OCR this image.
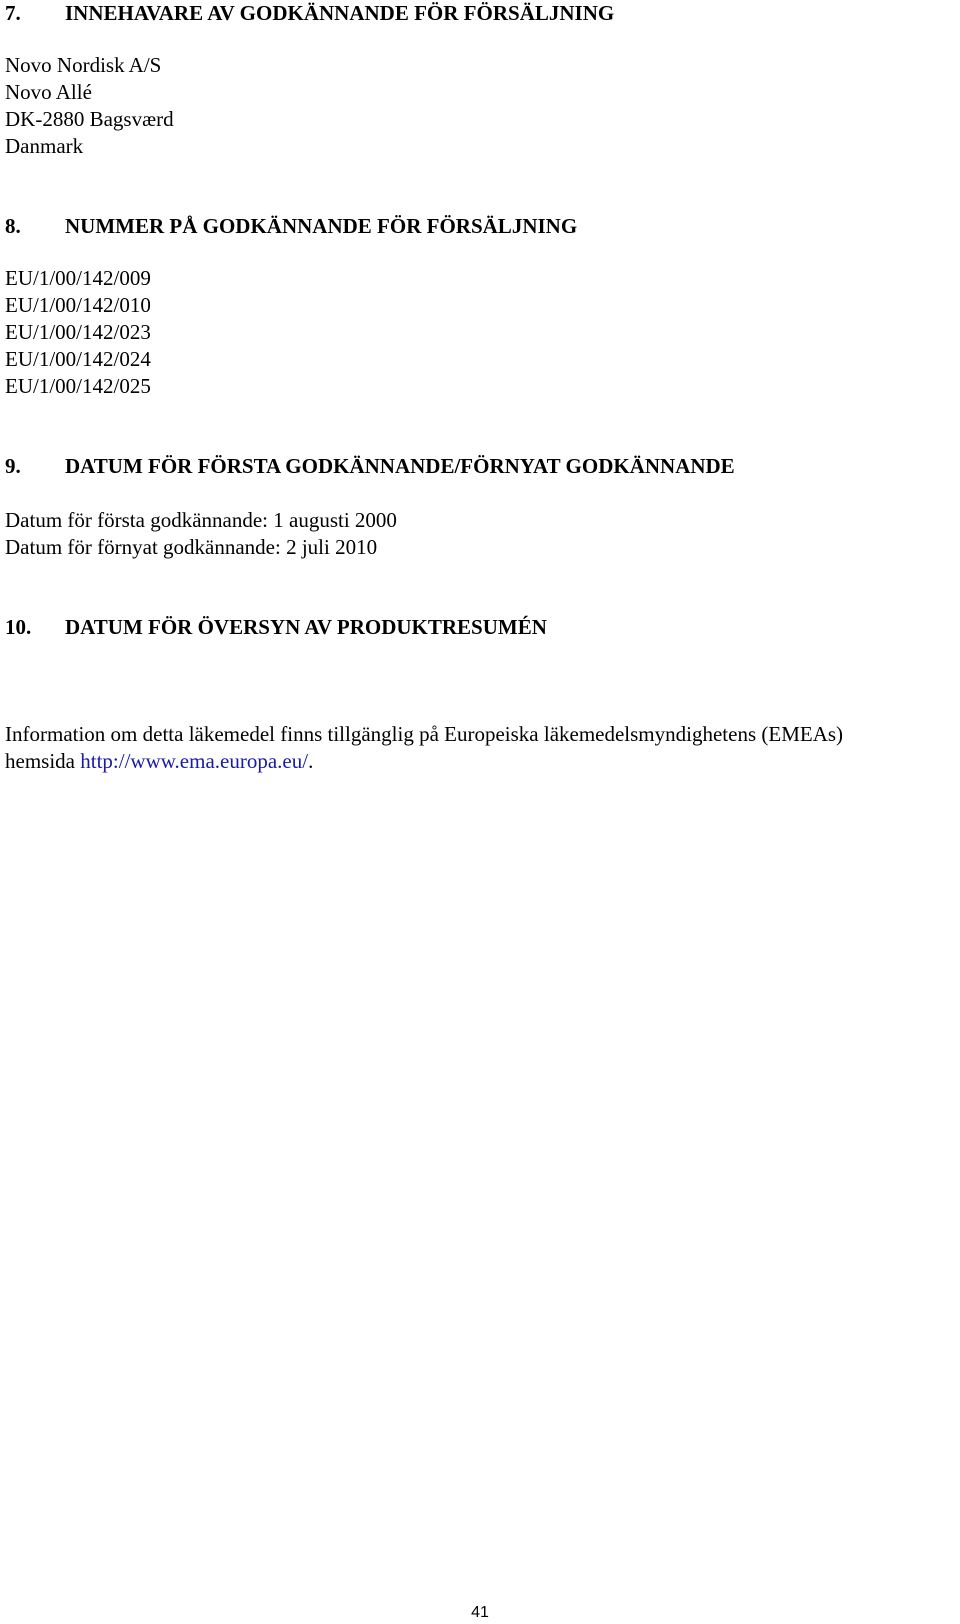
7. INNEHAVARE AV GODKÄNNANDE FÖR FÖRSÄLJNING
Novo Nordisk A/S
Novo Allé
DK-2880 Bagsværd
Danmark
8. NUMMER PÅ GODKÄNNANDE FÖR FÖRSÄLJNING
EU/1/00/142/009
EU/1/00/142/010
EU/1/00/142/023
EU/1/00/142/024
EU/1/00/142/025
9. DATUM FÖR FÖRSTA GODKÄNNANDE/FÖRNYAT GODKÄNNANDE
Datum för första godkännande: 1 augusti 2000
Datum för förnyat godkännande: 2 juli 2010
10. DATUM FÖR ÖVERSYN AV PRODUKTRESUMÉN
Information om detta läkemedel finns tillgänglig på Europeiska läkemedelsmyndighetens (EMEAs)
hemsida http://www.ema.europa.eu/.
41
